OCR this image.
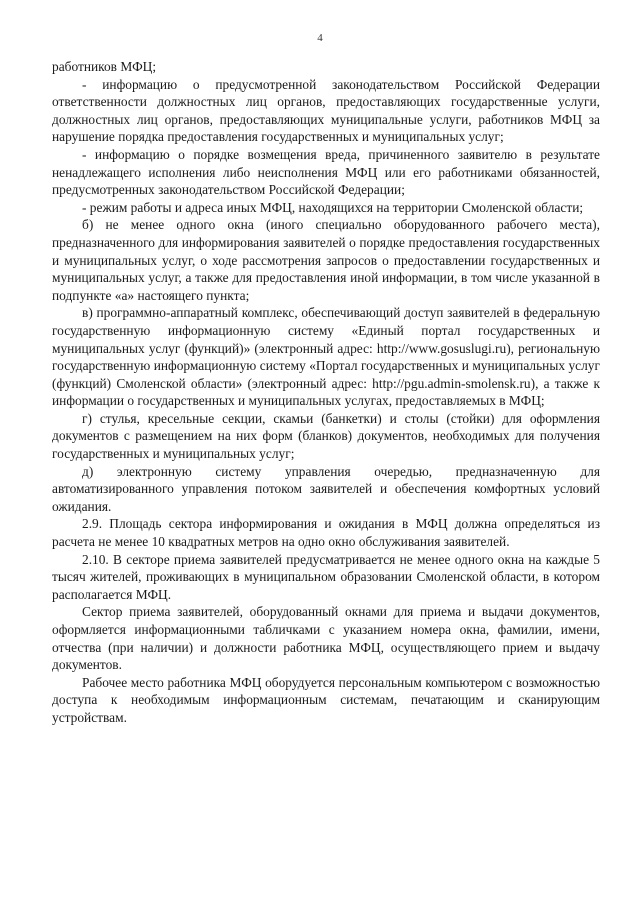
4

работников МФЦ;

- информацию о предусмотренной законодательством Российской Федерации ответственности должностных лиц органов, предоставляющих государственные услуги, должностных лиц органов, предоставляющих муниципальные услуги, работников МФЦ за нарушение порядка предоставления государственных и муниципальных услуг;

- информацию о порядке возмещения вреда, причиненного заявителю в результате ненадлежащего исполнения либо неисполнения МФЦ или его работниками обязанностей, предусмотренных законодательством Российской Федерации;

- режим работы и адреса иных МФЦ, находящихся на территории Смоленской области;

б) не менее одного окна (иного специально оборудованного рабочего места), предназначенного для информирования заявителей о порядке предоставления государственных и муниципальных услуг, о ходе рассмотрения запросов о предоставлении государственных и муниципальных услуг, а также для предоставления иной информации, в том числе указанной в подпункте «а» настоящего пункта;

в) программно-аппаратный комплекс, обеспечивающий доступ заявителей в федеральную государственную информационную систему «Единый портал государственных и муниципальных услуг (функций)» (электронный адрес: http://www.gosuslugi.ru), региональную государственную информационную систему «Портал государственных и муниципальных услуг (функций) Смоленской области» (электронный адрес: http://pgu.admin-smolensk.ru), а также к информации о государственных и муниципальных услугах, предоставляемых в МФЦ;

г) стулья, кресельные секции, скамьи (банкетки) и столы (стойки) для оформления документов с размещением на них форм (бланков) документов, необходимых для получения государственных и муниципальных услуг;

д) электронную систему управления очередью, предназначенную для автоматизированного управления потоком заявителей и обеспечения комфортных условий ожидания.

2.9. Площадь сектора информирования и ожидания в МФЦ должна определяться из расчета не менее 10 квадратных метров на одно окно обслуживания заявителей.

2.10. В секторе приема заявителей предусматривается не менее одного окна на каждые 5 тысяч жителей, проживающих в муниципальном образовании Смоленской области, в котором располагается МФЦ.

Сектор приема заявителей, оборудованный окнами для приема и выдачи документов, оформляется информационными табличками с указанием номера окна, фамилии, имени, отчества (при наличии) и должности работника МФЦ, осуществляющего прием и выдачу документов.

Рабочее место работника МФЦ оборудуется персональным компьютером с возможностью доступа к необходимым информационным системам, печатающим и сканирующим устройствам.
